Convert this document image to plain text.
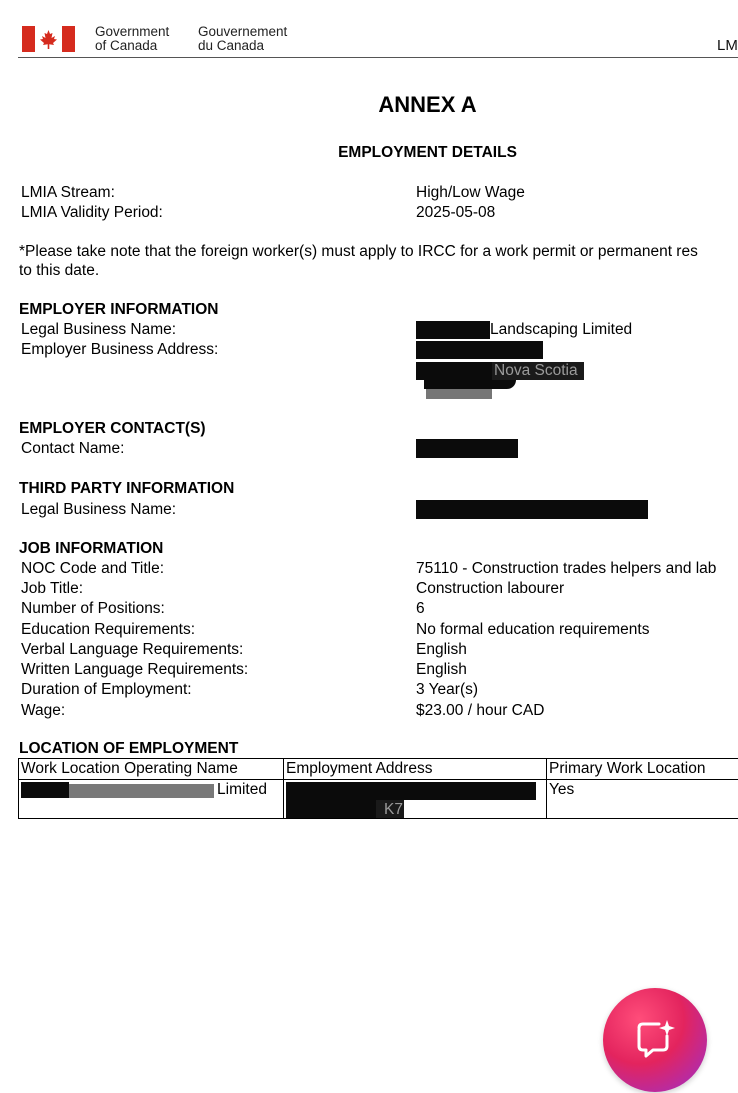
Government
of Canada
Gouvernement
du Canada	LM
ANNEX A
EMPLOYMENT DETAILS
LMIA Stream:	High/Low Wage
LMIA Validity Period:	2025-05-08
*Please take note that the foreign worker(s) must apply to IRCC for a work permit or permanent res
to this date.
EMPLOYER INFORMATION
Legal Business Name:	Landscaping Limited
Employer Business Address:
Nova Scotia
EMPLOYER CONTACT(S)
Contact Name:
THIRD PARTY INFORMATION
Legal Business Name:
JOB INFORMATION
NOC Code and Title:	75110 - Construction trades helpers and lab
Job Title:	Construction labourer
Number of Positions:	6
Education Requirements:	No formal education requirements
Verbal Language Requirements:	English
Written Language Requirements:	English
Duration of Employment:	3 Year(s)
Wage:	$23.00 / hour CAD
LOCATION OF EMPLOYMENT
Work Location Operating Name	Employment Address	Primary Work Location

Limited	K7	Yes
